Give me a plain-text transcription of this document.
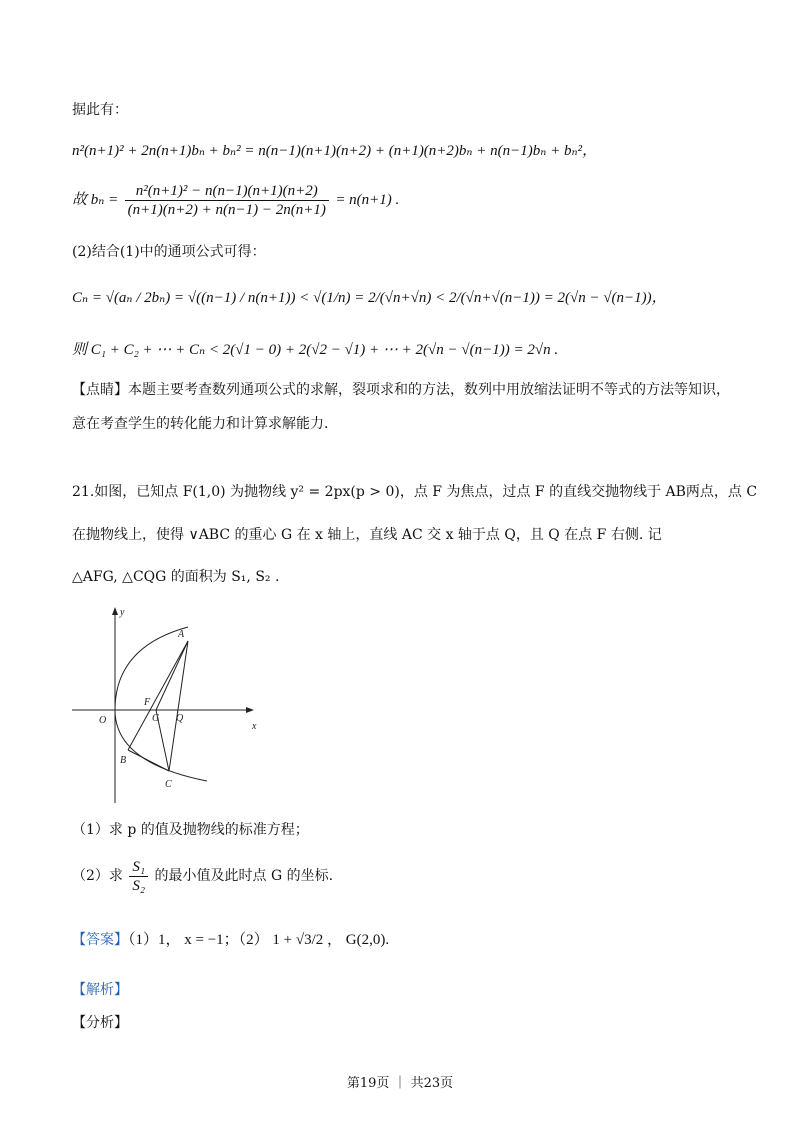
据此有：
n²(n+1)² + 2n(n+1)bₙ + bₙ² = n(n−1)(n+1)(n+2) + (n+1)(n+2)bₙ + n(n−1)bₙ + bₙ²，
故 $b_n = \frac{\text{n²(n+1)² − n(n−1)(n+1)(n+2)}}{(n+1)(n+2) + n(n-1) - 2n(n+1)} = n(n+1)$ .
(2)结合(1)中的通项公式可得：
Cₙ = √(aₙ / 2bₙ) = √((n−1) / n(n+1)) < √(1/n) = 2/(√n+√n) < 2/(√n+√(n−1)) = 2(√n − √(n−1))，
则 C₁ + C₂ + ⋯ + Cₙ < 2(√1 − 0) + 2(√2 − √1) + ⋯ + 2(√n − √(n−1)) = 2√n .
【点睛】本题主要考查数列通项公式的求解，裂项求和的方法，数列中用放缩法证明不等式的方法等知识，
意在考查学生的转化能力和计算求解能力.
21.如图，已知点 F(1,0) 为抛物线 y² = 2px(p > 0)，点 F 为焦点，过点 F 的直线交抛物线于 AB两点，点 C
在抛物线上，使得 ∨ABC 的重心 G 在 x 轴上，直线 AC 交 x 轴于点 Q，且 Q 在点 F 右侧. 记
△AFG, △CQG 的面积为 S₁, S₂ .
y
x
O
F
G Q
A
B
C
（1）求 p 的值及抛物线的标准方程；
（2）求 $\frac{\text{S₁}}{\text{S₂}}$ 的最小值及此时点 G 的坐标.
【答案】（1）1， x = −1；（2） 1 + √3/2 ， G(2,0).
【解析】
【分析】
第19页 ｜ 共23页
